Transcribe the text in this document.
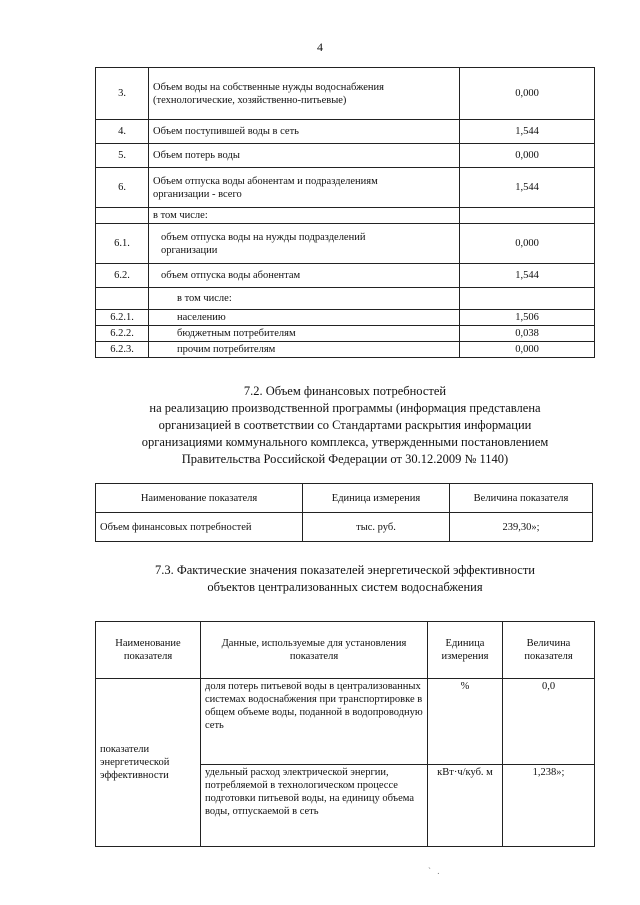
4
3.	Объем воды на собственные нужды водоснабжения (технологические, хозяйственно-питьевые)	0,000
4.	Объем поступившей воды в сеть	1,544
5.	Объем потерь воды	0,000
6.	Объем отпуска воды абонентам и подразделениям организации - всего	1,544
	в том числе:	
6.1.	объем отпуска воды на нужды подразделений организации	0,000
6.2.	объем отпуска воды абонентам	1,544
	в том числе:	
6.2.1.	населению	1,506
6.2.2.	бюджетным потребителям	0,038
6.2.3.	прочим потребителям	0,000
7.2. Объем финансовых потребностей
на реализацию производственной программы (информация представлена
организацией в соответствии со Стандартами раскрытия информации
организациями коммунального комплекса, утвержденными постановлением
Правительства Российской Федерации от 30.12.2009 № 1140)
Наименование показателя	Единица измерения	Величина показателя
Объем финансовых потребностей	тыс. руб.	239,30»;
7.3. Фактические значения показателей энергетической эффективности
объектов централизованных систем водоснабжения
Наименование показателя	Данные, используемые для установления показателя	Единица измерения	Величина показателя
показатели энергетической эффективности	доля потерь питьевой воды в централизованных системах водоснабжения при транспортировке в общем объеме воды, поданной в водопроводную сеть	%	0,0
	удельный расход электрической энергии, потребляемой в технологическом процессе подготовки питьевой воды, на единицу объема воды, отпускаемой в сеть	кВт·ч/куб. м	1,238»;
` .
